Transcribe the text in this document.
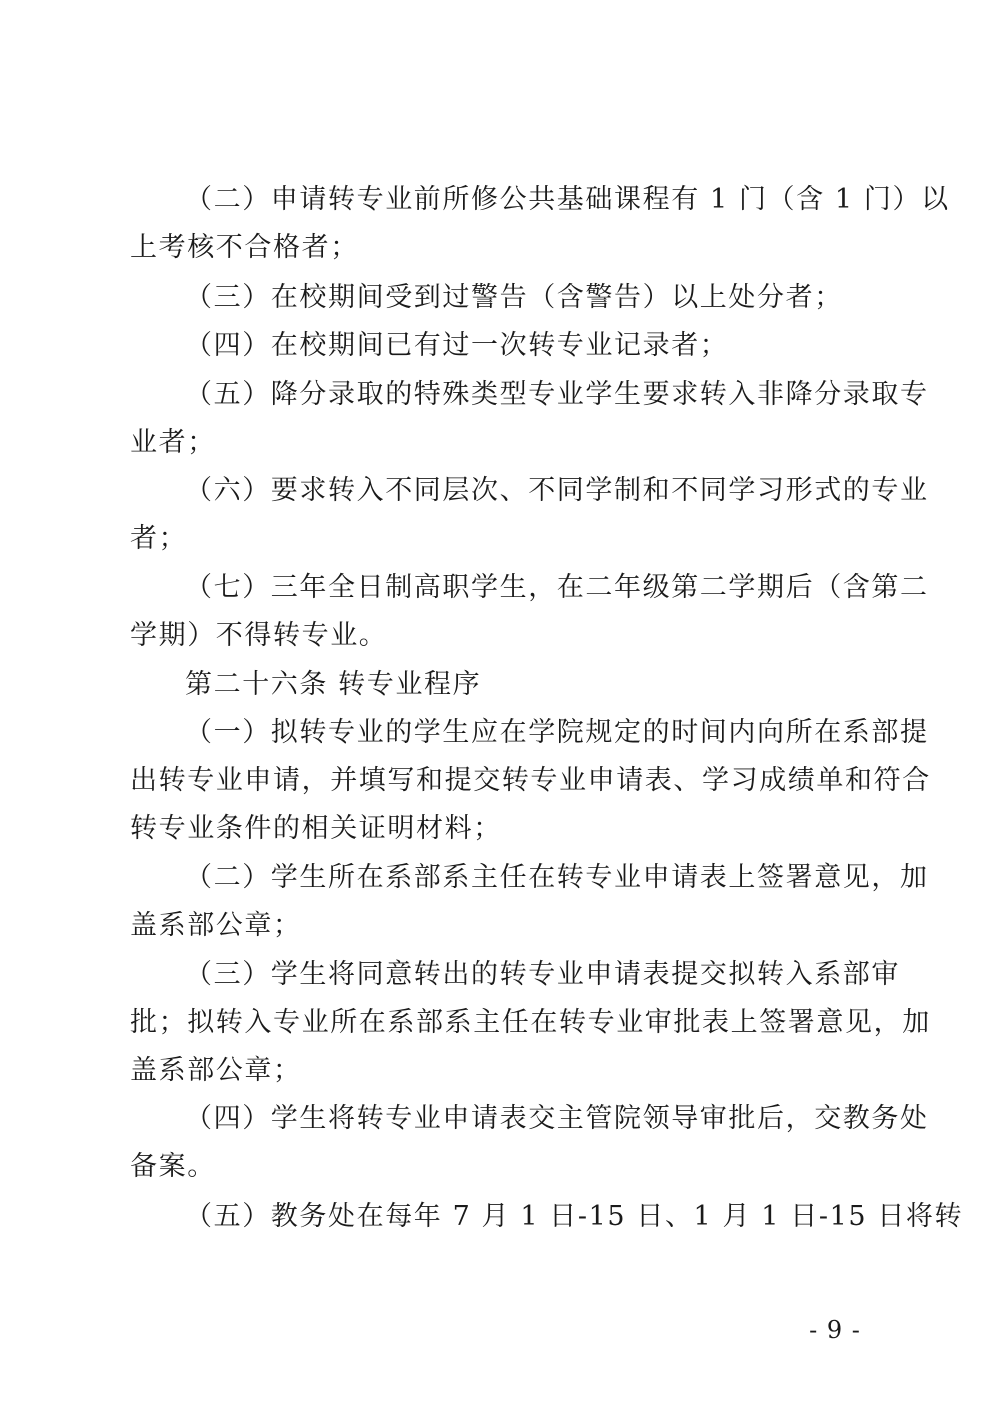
（二）申请转专业前所修公共基础课程有 1 门（含 1 门）以
上考核不合格者；
（三）在校期间受到过警告（含警告）以上处分者；
（四）在校期间已有过一次转专业记录者；
（五）降分录取的特殊类型专业学生要求转入非降分录取专
业者；
（六）要求转入不同层次、不同学制和不同学习形式的专业
者；
（七）三年全日制高职学生，在二年级第二学期后（含第二
学期）不得转专业。
第二十六条 转专业程序
（一）拟转专业的学生应在学院规定的时间内向所在系部提
出转专业申请，并填写和提交转专业申请表、学习成绩单和符合
转专业条件的相关证明材料；
（二）学生所在系部系主任在转专业申请表上签署意见，加
盖系部公章；
（三）学生将同意转出的转专业申请表提交拟转入系部审
批；拟转入专业所在系部系主任在转专业审批表上签署意见，加
盖系部公章；
（四）学生将转专业申请表交主管院领导审批后，交教务处
备案。
（五）教务处在每年 7 月 1 日-15 日、1 月 1 日-15 日将转
- 9 -
